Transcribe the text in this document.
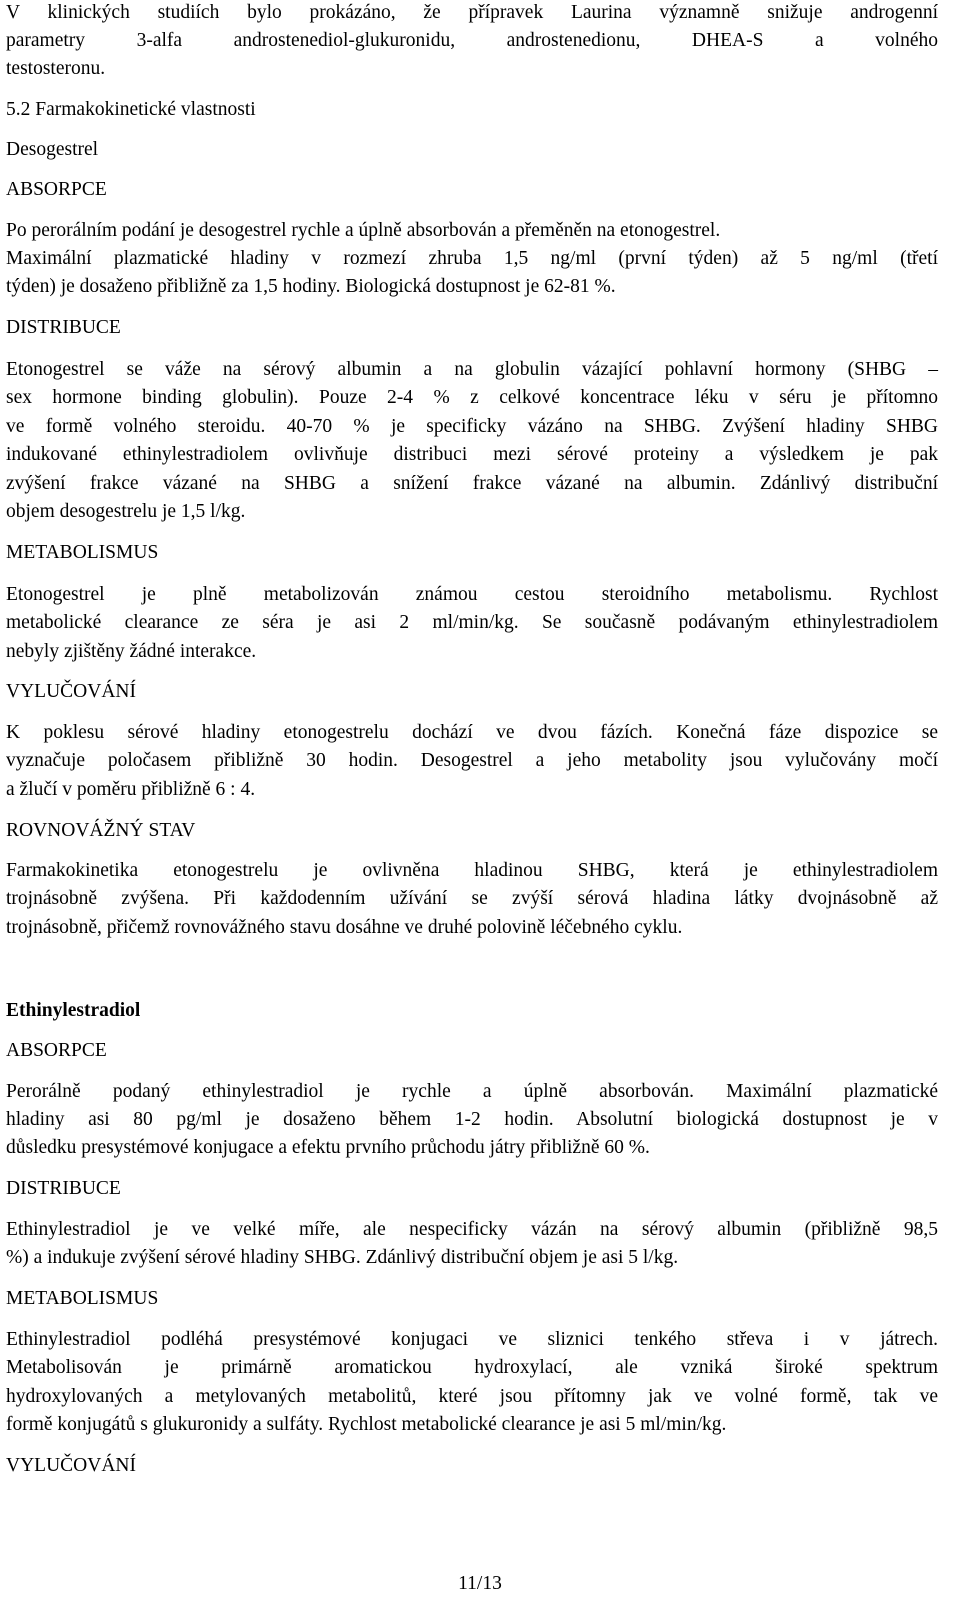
V klinických studiích bylo prokázáno, že přípravek Laurina významně snižuje androgenní
parametry 3-alfa androstenediol-glukuronidu, androstenedionu, DHEA-S a volného
testosteronu.
5.2 Farmakokinetické vlastnosti
Desogestrel
ABSORPCE
Po perorálním podání je desogestrel rychle a úplně absorbován a přeměněn na etonogestrel.
Maximální plazmatické hladiny v rozmezí zhruba 1,5 ng/ml (první týden) až 5 ng/ml (třetí
týden) je dosaženo přibližně za 1,5 hodiny. Biologická dostupnost je 62-81 %.
DISTRIBUCE
Etonogestrel se váže na sérový albumin a na globulin vázající pohlavní hormony (SHBG –
sex hormone binding globulin). Pouze 2-4 % z celkové koncentrace léku v séru je přítomno
ve formě volného steroidu. 40-70 % je specificky vázáno na SHBG. Zvýšení hladiny SHBG
indukované ethinylestradiolem ovlivňuje distribuci mezi sérové proteiny a výsledkem je pak
zvýšení frakce vázané na SHBG a snížení frakce vázané na albumin. Zdánlivý distribuční
objem desogestrelu je 1,5 l/kg.
METABOLISMUS
Etonogestrel je plně metabolizován známou cestou steroidního metabolismu. Rychlost
metabolické clearance ze séra je asi 2 ml/min/kg. Se současně podávaným ethinylestradiolem
nebyly zjištěny žádné interakce.
VYLUČOVÁNÍ
K poklesu sérové hladiny etonogestrelu dochází ve dvou fázích. Konečná fáze dispozice se
vyznačuje poločasem přibližně 30 hodin. Desogestrel a jeho metabolity jsou vylučovány močí
a žlučí v poměru přibližně 6 : 4.
ROVNOVÁŽNÝ STAV
Farmakokinetika etonogestrelu je ovlivněna hladinou SHBG, která je ethinylestradiolem
trojnásobně zvýšena. Při každodenním užívání se zvýší sérová hladina látky dvojnásobně až
trojnásobně, přičemž rovnovážného stavu dosáhne ve druhé polovině léčebného cyklu.
Ethinylestradiol
ABSORPCE
Perorálně podaný ethinylestradiol je rychle a úplně absorbován. Maximální plazmatické
hladiny asi 80 pg/ml je dosaženo během 1-2 hodin. Absolutní biologická dostupnost je v
důsledku presystémové konjugace a efektu prvního průchodu játry přibližně 60 %.
DISTRIBUCE
Ethinylestradiol je ve velké míře, ale nespecificky vázán na sérový albumin (přibližně 98,5
%) a indukuje zvýšení sérové hladiny SHBG. Zdánlivý distribuční objem je asi 5 l/kg.
METABOLISMUS
Ethinylestradiol podléhá presystémové konjugaci ve sliznici tenkého střeva i v játrech.
Metabolisován je primárně aromatickou hydroxylací, ale vzniká široké spektrum
hydroxylovaných a metylovaných metabolitů, které jsou přítomny jak ve volné formě, tak ve
formě konjugátů s glukuronidy a sulfáty. Rychlost metabolické clearance je asi 5 ml/min/kg.
VYLUČOVÁNÍ
11/13
